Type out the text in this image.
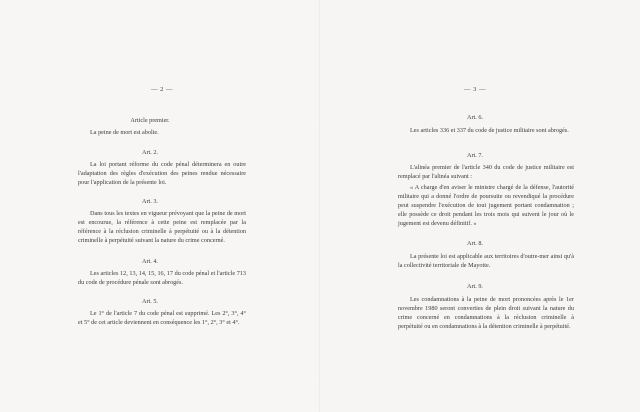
— 2 —

Article premier.

La peine de mort est abolie.

Art. 2.

La loi portant réforme du code pénal déterminera en outre l'adaptation des règles d'exécution des peines rendue nécessaire pour l'application de la présente loi.

Art. 3.

Dans tous les textes en vigueur prévoyant que la peine de mort est encourue, la référence à cette peine est remplacée par la référence à la réclusion criminelle à perpétuité ou à la détention criminelle à perpétuité suivant la nature du crime concerné.

Art. 4.

Les articles 12, 13, 14, 15, 16, 17 du code pénal et l'article 713 du code de procédure pénale sont abrogés.

Art. 5.

Le 1° de l'article 7 du code pénal est supprimé. Les 2°, 3°, 4° et 5° de cet article deviennent en conséquence les 1°, 2°, 3° et 4°.

— 3 —

Art. 6.

Les articles 336 et 337 du code de justice militaire sont abrogés.

Art. 7.

L'alinéa premier de l'article 340 du code de justice militaire est remplacé par l'alinéa suivant :

« A charge d'en aviser le ministre chargé de la défense, l'autorité militaire qui a donné l'ordre de poursuite ou revendiqué la procédure peut suspendre l'exécution de tout jugement portant condamnation ; elle possède ce droit pendant les trois mois qui suivent le jour où le jugement est devenu définitif. »

Art. 8.

La présente loi est applicable aux territoires d'outre-mer ainsi qu'à la collectivité territoriale de Mayotte.

Art. 9.

Les condamnations à la peine de mort prononcées après le 1er novembre 1980 seront converties de plein droit suivant la nature du crime concerné en condamnations à la réclusion criminelle à perpétuité ou en condamnations à la détention criminelle à perpétuité.
